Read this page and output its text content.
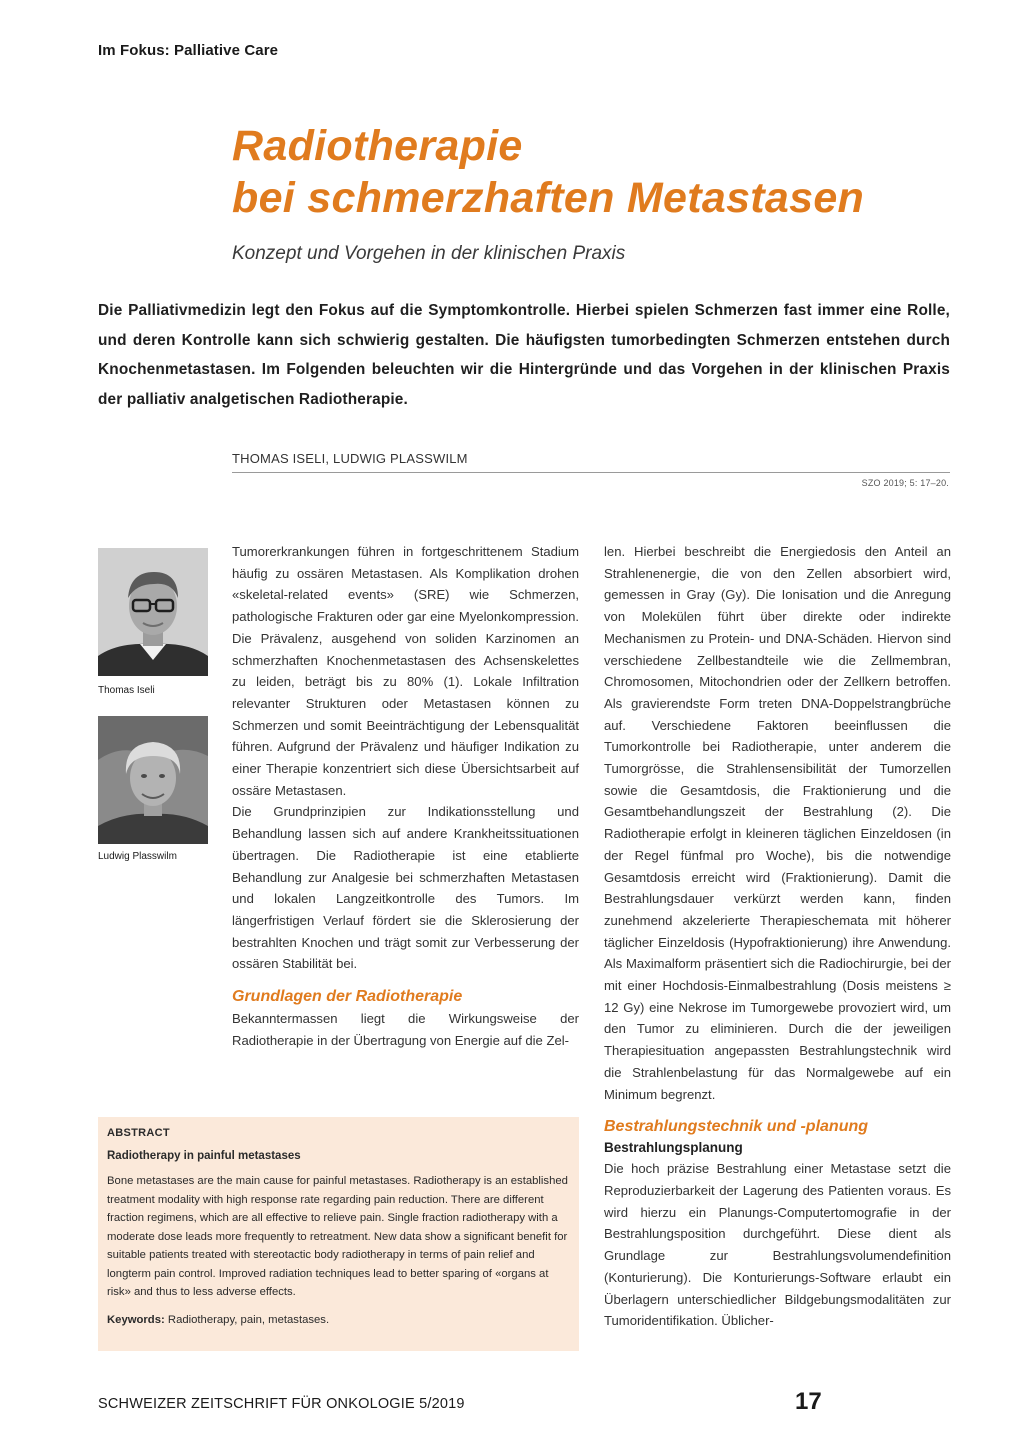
Im Fokus: Palliative Care
Radiotherapie
bei schmerzhaften Metastasen
Konzept und Vorgehen in der klinischen Praxis
Die Palliativmedizin legt den Fokus auf die Symptomkontrolle. Hierbei spielen Schmerzen fast immer eine Rolle, und deren Kontrolle kann sich schwierig gestalten. Die häufigsten tumorbedingten Schmerzen entstehen durch Knochenmetastasen. Im Folgenden beleuchten wir die Hintergründe und das Vorgehen in der klinischen Praxis der palliativ analgetischen Radiotherapie.
THOMAS ISELI, LUDWIG PLASSWILM
SZO 2019; 5: 17–20.
Thomas Iseli
Ludwig Plasswilm

Tumorerkrankungen führen in fortgeschrittenem Stadium häufig zu ossären Metastasen. Als Komplikation drohen «skeletal-related events» (SRE) wie Schmerzen, pathologische Frakturen oder gar eine Myelonkompression. Die Prävalenz, ausgehend von soliden Karzinomen an schmerzhaften Knochenmetastasen des Achsenskelettes zu leiden, beträgt bis zu 80% (1). Lokale Infiltration relevanter Strukturen oder Metastasen können zu Schmerzen und somit Beeinträchtigung der Lebensqualität führen. Aufgrund der Prävalenz und häufiger Indikation zu einer Therapie konzentriert sich diese Übersichtsarbeit auf ossäre Metastasen.

Die Grundprinzipien zur Indikationsstellung und Behandlung lassen sich auf andere Krankheitssituationen übertragen. Die Radiotherapie ist eine etablierte Behandlung zur Analgesie bei schmerzhaften Metastasen und lokalen Langzeitkontrolle des Tumors. Im längerfristigen Verlauf fördert sie die Sklerosierung der bestrahlten Knochen und trägt somit zur Verbesserung der ossären Stabilität bei.

Grundlagen der Radiotherapie

Bekanntermassen liegt die Wirkungsweise der Radiotherapie in der Übertragung von Energie auf die Zel-

len. Hierbei beschreibt die Energiedosis den Anteil an Strahlenenergie, die von den Zellen absorbiert wird, gemessen in Gray (Gy). Die Ionisation und die Anregung von Molekülen führt über direkte oder indirekte Mechanismen zu Protein- und DNA-Schäden. Hiervon sind verschiedene Zellbestandteile wie die Zellmembran, Chromosomen, Mitochondrien oder der Zellkern betroffen. Als gravierendste Form treten DNA-Doppelstrangbrüche auf. Verschiedene Faktoren beeinflussen die Tumorkontrolle bei Radiotherapie, unter anderem die Tumorgrösse, die Strahlensensibilität der Tumorzellen sowie die Gesamtdosis, die Fraktionierung und die Gesamtbehandlungszeit der Bestrahlung (2). Die Radiotherapie erfolgt in kleineren täglichen Einzeldosen (in der Regel fünfmal pro Woche), bis die notwendige Gesamtdosis erreicht wird (Fraktionierung). Damit die Bestrahlungsdauer verkürzt werden kann, finden zunehmend akzelerierte Therapieschemata mit höherer täglicher Einzeldosis (Hypofraktionierung) ihre Anwendung. Als Maximalform präsentiert sich die Radiochirurgie, bei der mit einer Hochdosis-Einmalbestrahlung (Dosis meistens ≥ 12 Gy) eine Nekrose im Tumorgewebe provoziert wird, um den Tumor zu eliminieren. Durch die der jeweiligen Therapiesituation angepassten Bestrahlungstechnik wird die Strahlenbelastung für das Normalgewebe auf ein Minimum begrenzt.

Bestrahlungstechnik und -planung
Bestrahlungsplanung

Die hoch präzise Bestrahlung einer Metastase setzt die Reproduzierbarkeit der Lagerung des Patienten voraus. Es wird hierzu ein Planungs-Computertomografie in der Bestrahlungsposition durchgeführt. Diese dient als Grundlage zur Bestrahlungsvolumendefinition (Konturierung). Die Konturierungs-Software erlaubt ein Überlagern unterschiedlicher Bildgebungsmodalitäten zur Tumoridentifikation. Üblicher-

ABSTRACT
Radiotherapy in painful metastases
Bone metastases are the main cause for painful metastases. Radiotherapy is an established treatment modality with high response rate regarding pain reduction. There are different fraction regimens, which are all effective to relieve pain. Single fraction radiotherapy with a moderate dose leads more frequently to retreatment. New data show a significant benefit for suitable patients treated with stereotactic body radiotherapy in terms of pain relief and longterm pain control. Improved radiation techniques lead to better sparing of «organs at risk» and thus to less adverse effects.
Keywords: Radiotherapy, pain, metastases.
SCHWEIZER ZEITSCHRIFT FÜR ONKOLOGIE 5/2019	17
